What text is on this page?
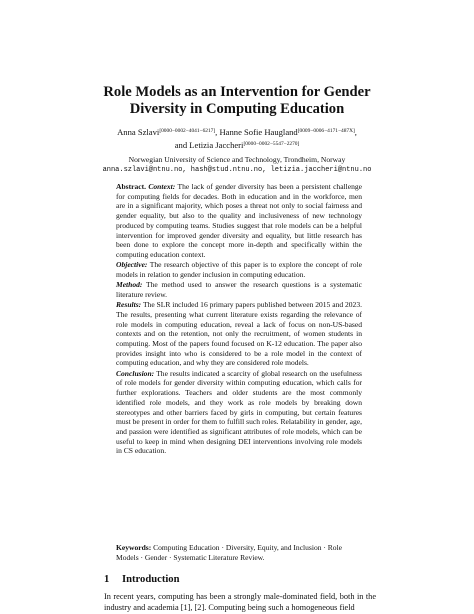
Role Models as an Intervention for Gender
Diversity in Computing Education
Anna Szlavi[0000−0002−4041−6217], Hanne Sofie Haugland[0009−0006−4171−487X],
and Letizia Jaccheri[0000−0002−5547−2270]
Norwegian University of Science and Technology, Trondheim, Norway
anna.szlavi@ntnu.no, hash@stud.ntnu.no, letizia.jaccheri@ntnu.no

Abstract. Context: The lack of gender diversity has been a persistent challenge for computing fields for decades. Both in education and in the workforce, men are in a significant majority, which poses a threat not only to social fairness and gender equality, but also to the quality and inclusiveness of new technology produced by computing teams. Studies suggest that role models can be a helpful intervention for improved gender diversity and equality, but little research has been done to explore the concept more in-depth and specifically within the computing education context.

Objective: The research objective of this paper is to explore the concept of role models in relation to gender inclusion in computing education.

Method: The method used to answer the research questions is a systematic literature review.

Results: The SLR included 16 primary papers published between 2015 and 2023. The results, presenting what current literature exists regarding the relevance of role models in computing education, reveal a lack of focus on non-US-based contexts and on the retention, not only the recruitment, of women students in computing. Most of the papers found focused on K-12 education. The paper also provides insight into who is considered to be a role model in the context of computing education, and why they are considered role models.

Conclusion: The results indicated a scarcity of global research on the usefulness of role models for gender diversity within computing education, which calls for further explorations. Teachers and older students are the most commonly identified role models, and they work as role models by breaking down stereotypes and other barriers faced by girls in computing, but certain features must be present in order for them to fulfill such roles. Relatability in gender, age, and passion were identified as significant attributes of role models, which can be useful to keep in mind when designing DEI interventions involving role models in CS education.

Keywords: Computing Education · Diversity, Equity, and Inclusion · Role Models · Gender · Systematic Literature Review.
1 Introduction
In recent years, computing has been a strongly male-dominated field, both in the industry and academia [1], [2]. Computing being such a homogeneous field
